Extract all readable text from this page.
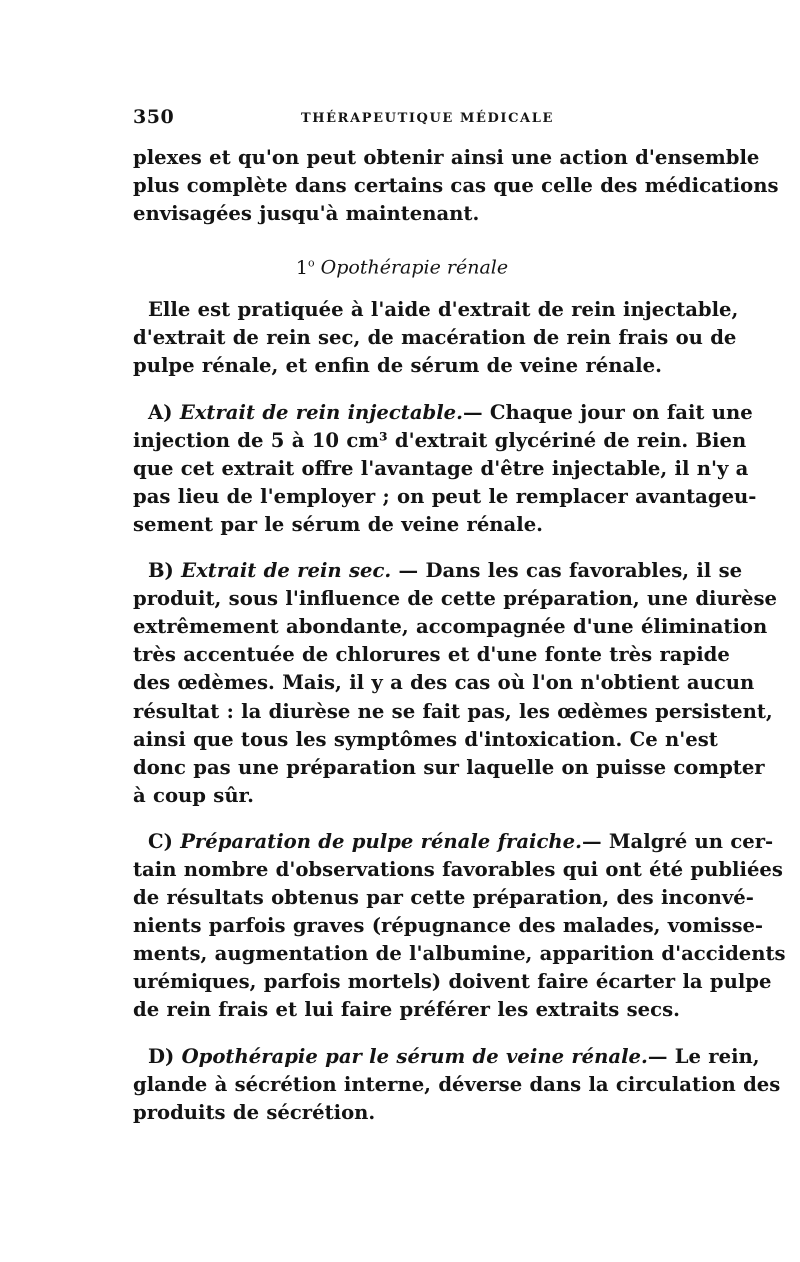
350	THÉRAPEUTIQUE MÉDICALE
plexes et qu'on peut obtenir ainsi une action d'ensemble
plus complète dans certains cas que celle des médications
envisagées jusqu'à maintenant.
1$^o$ Opothérapie rénale
Elle est pratiquée à l'aide d'extrait de rein injectable,
d'extrait de rein sec, de macération de rein frais ou de
pulpe rénale, et enfin de sérum de veine rénale.
A) Extrait de rein injectable.— Chaque jour on fait une
injection de 5 à 10 cm³ d'extrait glycériné de rein. Bien
que cet extrait offre l'avantage d'être injectable, il n'y a
pas lieu de l'employer ; on peut le remplacer avantageu-
sement par le sérum de veine rénale.
B) Extrait de rein sec. — Dans les cas favorables, il se
produit, sous l'influence de cette préparation, une diurèse
extrêmement abondante, accompagnée d'une élimination
très accentuée de chlorures et d'une fonte très rapide
des œdèmes. Mais, il y a des cas où l'on n'obtient aucun
résultat : la diurèse ne se fait pas, les œdèmes persistent,
ainsi que tous les symptômes d'intoxication. Ce n'est
donc pas une préparation sur laquelle on puisse compter
à coup sûr.
C) Préparation de pulpe rénale fraiche.— Malgré un cer-
tain nombre d'observations favorables qui ont été publiées
de résultats obtenus par cette préparation, des inconvé-
nients parfois graves (répugnance des malades, vomisse-
ments, augmentation de l'albumine, apparition d'accidents
urémiques, parfois mortels) doivent faire écarter la pulpe
de rein frais et lui faire préférer les extraits secs.
D) Opothérapie par le sérum de veine rénale.— Le rein,
glande à sécrétion interne, déverse dans la circulation des
produits de sécrétion.
